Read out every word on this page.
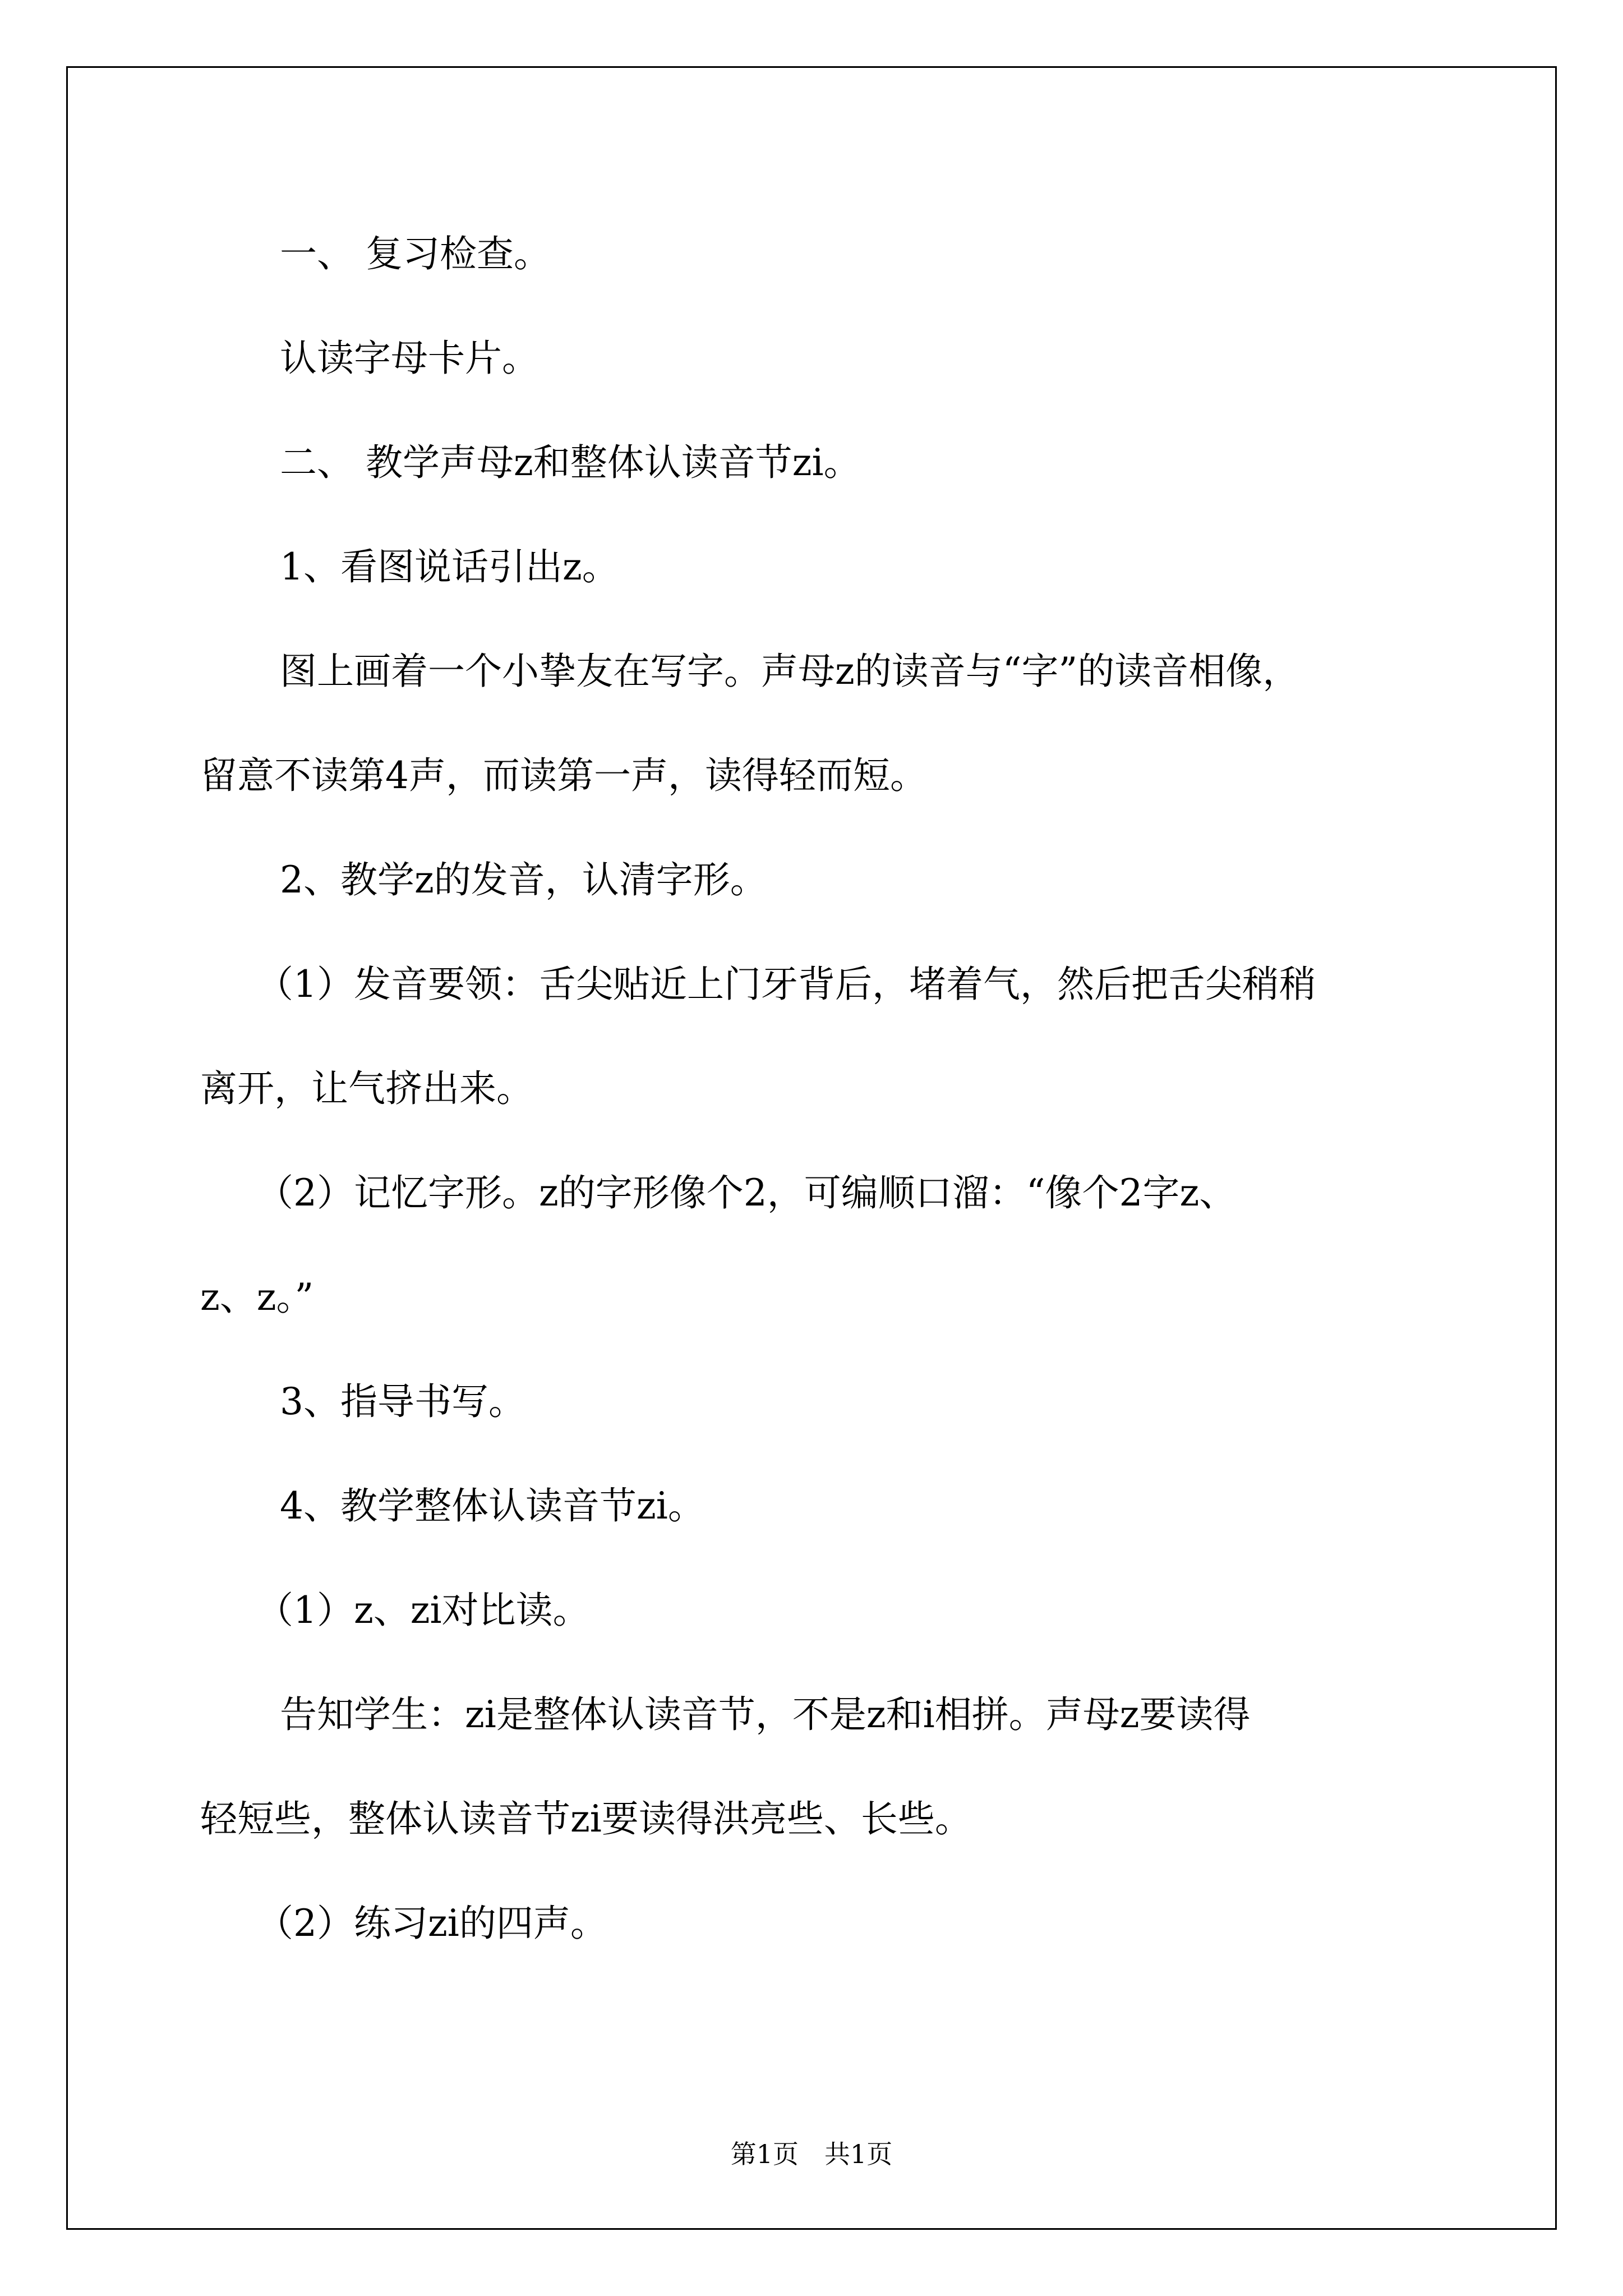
一、 复习检查。
认读字母卡片。
二、 教学声母z和整体认读音节zi。
1、看图说话引出z。
图上画着一个小挚友在写字。声母z的读音与“字”的读音相像，
留意不读第4声，而读第一声，读得轻而短。
2、教学z的发音，认清字形。
（1）发音要领：舌尖贴近上门牙背后，堵着气，然后把舌尖稍稍
离开，让气挤出来。
（2）记忆字形。z的字形像个2，可编顺口溜：“像个2字z、
z、z。”
3、指导书写。
4、教学整体认读音节zi。
（1）z、zi对比读。
告知学生：zi是整体认读音节，不是z和i相拼。声母z要读得
轻短些，整体认读音节zi要读得洪亮些、长些。
（2）练习zi的四声。
第1页　共1页
